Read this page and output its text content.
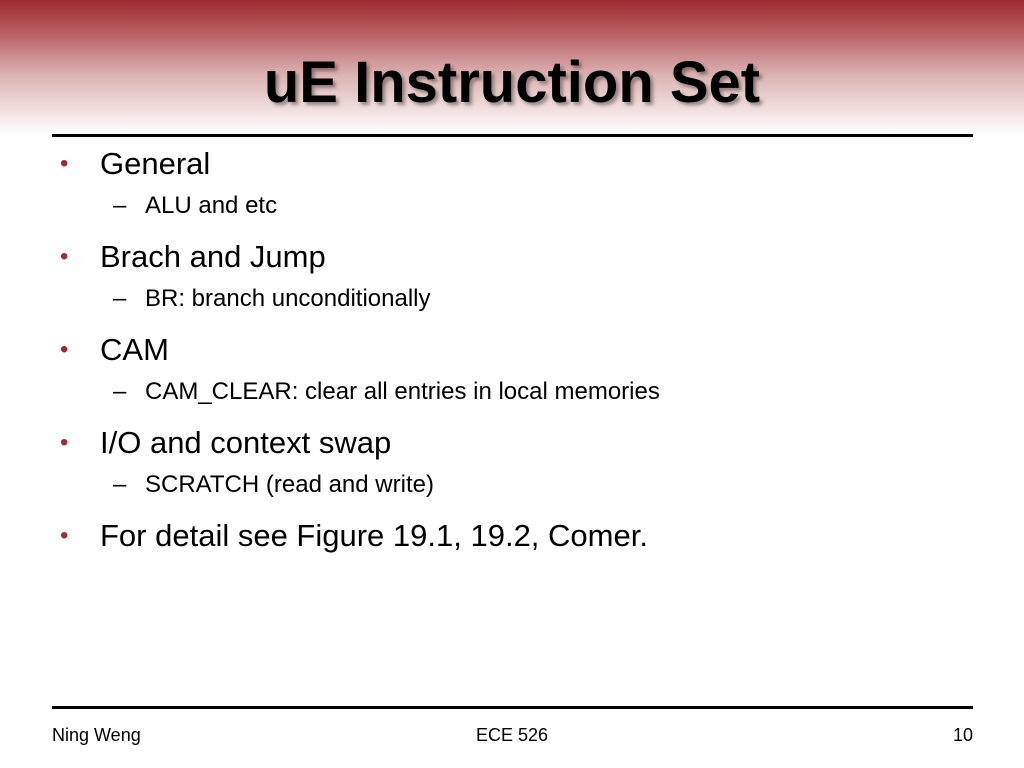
uE Instruction Set
• General
– ALU and etc
• Brach and Jump
– BR: branch unconditionally
• CAM
– CAM_CLEAR: clear all entries in local memories
• I/O and context swap
– SCRATCH (read and write)
• For detail see Figure 19.1, 19.2, Comer.
Ning Weng	ECE 526	10
